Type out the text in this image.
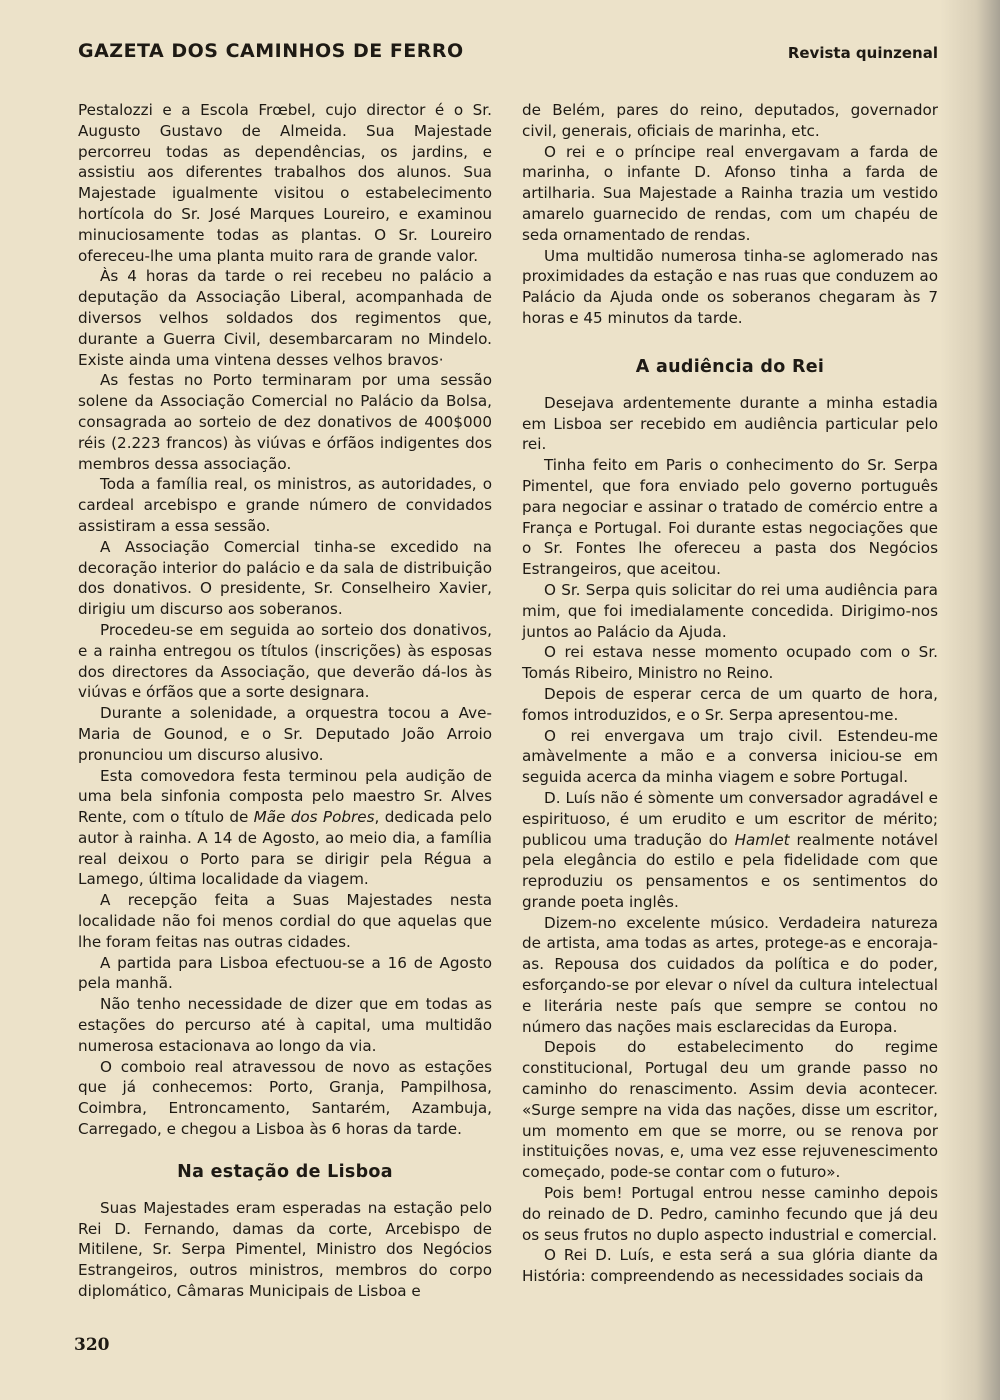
GAZETA DOS CAMINHOS DE FERRO	Revista quinzenal

Pestalozzi e a Escola Frœbel, cujo director é o Sr. Augusto Gustavo de Almeida. Sua Majestade percorreu todas as dependências, os jardins, e assistiu aos diferentes trabalhos dos alunos. Sua Majestade igualmente visitou o estabelecimento hortícola do Sr. José Marques Loureiro, e examinou minuciosamente todas as plantas. O Sr. Loureiro ofereceu-lhe uma planta muito rara de grande valor.

Às 4 horas da tarde o rei recebeu no palácio a deputação da Associação Liberal, acompanhada de diversos velhos soldados dos regimentos que, durante a Guerra Civil, desembarcaram no Mindelo. Existe ainda uma vintena desses velhos bravos·

As festas no Porto terminaram por uma sessão solene da Associação Comercial no Palácio da Bolsa, consagrada ao sorteio de dez donativos de 400$000 réis (2.223 francos) às viúvas e órfãos indigentes dos membros dessa associação.

Toda a família real, os ministros, as autoridades, o cardeal arcebispo e grande número de convidados assistiram a essa sessão.

A Associação Comercial tinha-se excedido na decoração interior do palácio e da sala de distribuição dos donativos. O presidente, Sr. Conselheiro Xavier, dirigiu um discurso aos soberanos.

Procedeu-se em seguida ao sorteio dos donativos, e a rainha entregou os títulos (inscrições) às esposas dos directores da Associação, que deverão dá-los às viúvas e órfãos que a sorte designara.

Durante a solenidade, a orquestra tocou a Ave-Maria de Gounod, e o Sr. Deputado João Arroio pronunciou um discurso alusivo.

Esta comovedora festa terminou pela audição de uma bela sinfonia composta pelo maestro Sr. Alves Rente, com o título de Mãe dos Pobres, dedicada pelo autor à rainha. A 14 de Agosto, ao meio dia, a família real deixou o Porto para se dirigir pela Régua a Lamego, última localidade da viagem.

A recepção feita a Suas Majestades nesta localidade não foi menos cordial do que aquelas que lhe foram feitas nas outras cidades.

A partida para Lisboa efectuou-se a 16 de Agosto pela manhã.

Não tenho necessidade de dizer que em todas as estações do percurso até à capital, uma multidão numerosa estacionava ao longo da via.

O comboio real atravessou de novo as estações que já conhecemos: Porto, Granja, Pampilhosa, Coimbra, Entroncamento, Santarém, Azambuja, Carregado, e chegou a Lisboa às 6 horas da tarde.

Na estação de Lisboa

Suas Majestades eram esperadas na estação pelo Rei D. Fernando, damas da corte, Arcebispo de Mitilene, Sr. Serpa Pimentel, Ministro dos Negócios Estrangeiros, outros ministros, membros do corpo diplomático, Câmaras Municipais de Lisboa e

de Belém, pares do reino, deputados, governador civil, generais, oficiais de marinha, etc.

O rei e o príncipe real envergavam a farda de marinha, o infante D. Afonso tinha a farda de artilharia. Sua Majestade a Rainha trazia um vestido amarelo guarnecido de rendas, com um chapéu de seda ornamentado de rendas.

Uma multidão numerosa tinha-se aglomerado nas proximidades da estação e nas ruas que conduzem ao Palácio da Ajuda onde os soberanos chegaram às 7 horas e 45 minutos da tarde.

A audiência do Rei

Desejava ardentemente durante a minha estadia em Lisboa ser recebido em audiência particular pelo rei.

Tinha feito em Paris o conhecimento do Sr. Serpa Pimentel, que fora enviado pelo governo português para negociar e assinar o tratado de comércio entre a França e Portugal. Foi durante estas negociações que o Sr. Fontes lhe ofereceu a pasta dos Negócios Estrangeiros, que aceitou.

O Sr. Serpa quis solicitar do rei uma audiência para mim, que foi imedialamente concedida. Dirigimo-nos juntos ao Palácio da Ajuda.

O rei estava nesse momento ocupado com o Sr. Tomás Ribeiro, Ministro no Reino.

Depois de esperar cerca de um quarto de hora, fomos introduzidos, e o Sr. Serpa apresentou-me.

O rei envergava um trajo civil. Estendeu-me amàvelmente a mão e a conversa iniciou-se em seguida acerca da minha viagem e sobre Portugal.

D. Luís não é sòmente um conversador agradável e espirituoso, é um erudito e um escritor de mérito; publicou uma tradução do Hamlet realmente notável pela elegância do estilo e pela fidelidade com que reproduziu os pensamentos e os sentimentos do grande poeta inglês.

Dizem-no excelente músico. Verdadeira natureza de artista, ama todas as artes, protege-as e encoraja-as. Repousa dos cuidados da política e do poder, esforçando-se por elevar o nível da cultura intelectual e literária neste país que sempre se contou no número das nações mais esclarecidas da Europa.

Depois do estabelecimento do regime constitucional, Portugal deu um grande passo no caminho do renascimento. Assim devia acontecer. «Surge sempre na vida das nações, disse um escritor, um momento em que se morre, ou se renova por instituições novas, e, uma vez esse rejuvenescimento começado, pode-se contar com o futuro».

Pois bem! Portugal entrou nesse caminho depois do reinado de D. Pedro, caminho fecundo que já deu os seus frutos no duplo aspecto industrial e comercial.

O Rei D. Luís, e esta será a sua glória diante da História: compreendendo as necessidades sociais da

320
